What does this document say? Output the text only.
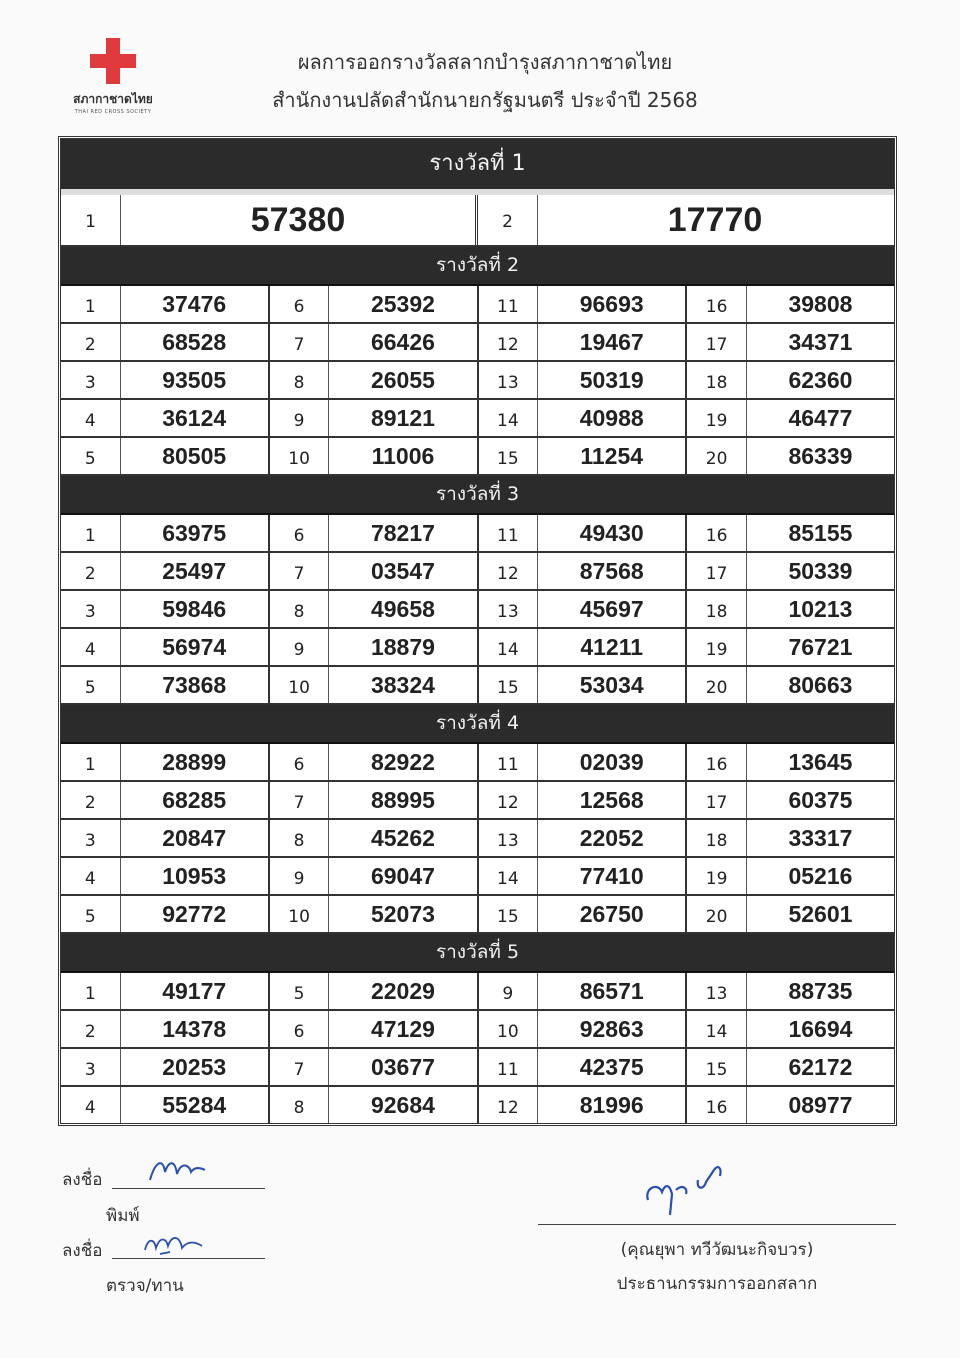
สภากาชาดไทย
THAI RED CROSS SOCIETY
ผลการออกรางวัลสลากบำรุงสภากาชาดไทย
สำนักงานปลัดสำนักนายกรัฐมนตรี ประจำปี 2568
รางวัลที่ 1
1	57380	2	17770
รางวัลที่ 2
1	37476	6	25392	11	96693	16	39808
2	68528	7	66426	12	19467	17	34371
3	93505	8	26055	13	50319	18	62360
4	36124	9	89121	14	40988	19	46477
5	80505	10	11006	15	11254	20	86339
รางวัลที่ 3
1	63975	6	78217	11	49430	16	85155
2	25497	7	03547	12	87568	17	50339
3	59846	8	49658	13	45697	18	10213
4	56974	9	18879	14	41211	19	76721
5	73868	10	38324	15	53034	20	80663
รางวัลที่ 4
1	28899	6	82922	11	02039	16	13645
2	68285	7	88995	12	12568	17	60375
3	20847	8	45262	13	22052	18	33317
4	10953	9	69047	14	77410	19	05216
5	92772	10	52073	15	26750	20	52601
รางวัลที่ 5
1	49177	5	22029	9	86571	13	88735
2	14378	6	47129	10	92863	14	16694
3	20253	7	03677	11	42375	15	62172
4	55284	8	92684	12	81996	16	08977
ลงชื่อ
พิมพ์
ลงชื่อ
ตรวจ/ทาน
(คุณยุพา ทวีวัฒนะกิจบวร)
ประธานกรรมการออกสลาก
